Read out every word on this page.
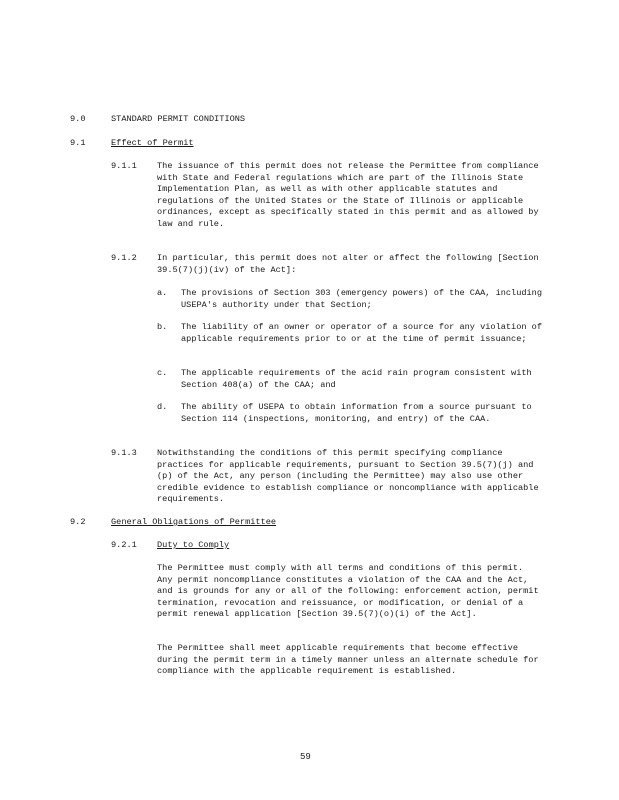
9.0	STANDARD PERMIT CONDITIONS
9.1	Effect of Permit
9.1.1 The issuance of this permit does not release the Permittee from compliance with State and Federal regulations which are part of the Illinois State Implementation Plan, as well as with other applicable statutes and regulations of the United States or the State of Illinois or applicable ordinances, except as specifically stated in this permit and as allowed by law and rule.
9.1.2 In particular, this permit does not alter or affect the following [Section 39.5(7)(j)(iv) of the Act]:
a. The provisions of Section 303 (emergency powers) of the CAA, including USEPA's authority under that Section;
b. The liability of an owner or operator of a source for any violation of applicable requirements prior to or at the time of permit issuance;
c. The applicable requirements of the acid rain program consistent with Section 408(a) of the CAA; and
d. The ability of USEPA to obtain information from a source pursuant to Section 114 (inspections, monitoring, and entry) of the CAA.
9.1.3 Notwithstanding the conditions of this permit specifying compliance practices for applicable requirements, pursuant to Section 39.5(7)(j) and (p) of the Act, any person (including the Permittee) may also use other credible evidence to establish compliance or noncompliance with applicable requirements.
9.2	General Obligations of Permittee
9.2.1 Duty to Comply
The Permittee must comply with all terms and conditions of this permit. Any permit noncompliance constitutes a violation of the CAA and the Act, and is grounds for any or all of the following: enforcement action, permit termination, revocation and reissuance, or modification, or denial of a permit renewal application [Section 39.5(7)(o)(i) of the Act].
The Permittee shall meet applicable requirements that become effective during the permit term in a timely manner unless an alternate schedule for compliance with the applicable requirement is established.
59
